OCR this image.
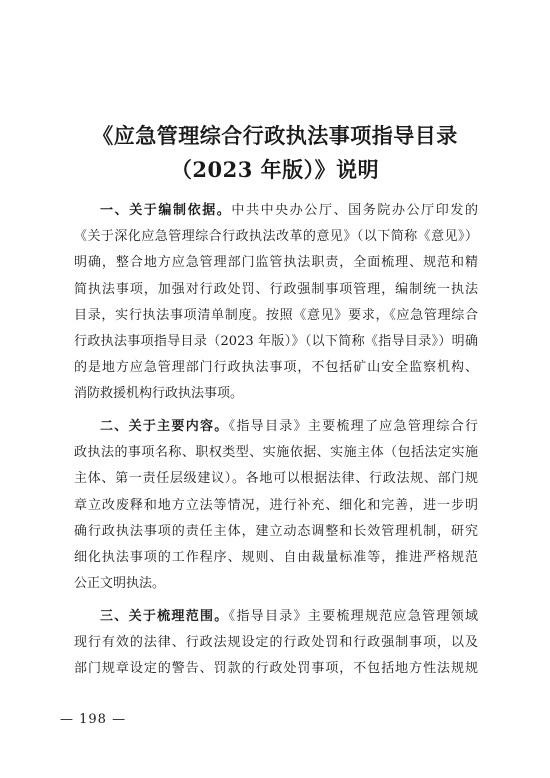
《应急管理综合行政执法事项指导目录
（2023 年版）》说明
一、关于编制依据。中共中央办公厅、国务院办公厅印发的
《关于深化应急管理综合行政执法改革的意见》（以下简称《意见》）
明确，整合地方应急管理部门监管执法职责，全面梳理、规范和精
简执法事项，加强对行政处罚、行政强制事项管理，编制统一执法
目录，实行执法事项清单制度。按照《意见》要求，《应急管理综合
行政执法事项指导目录（2023 年版）》（以下简称《指导目录》）明确
的是地方应急管理部门行政执法事项，不包括矿山安全监察机构、
消防救援机构行政执法事项。
二、关于主要内容。《指导目录》主要梳理了应急管理综合行
政执法的事项名称、职权类型、实施依据、实施主体（包括法定实施
主体、第一责任层级建议）。各地可以根据法律、行政法规、部门规
章立改废释和地方立法等情况，进行补充、细化和完善，进一步明
确行政执法事项的责任主体，建立动态调整和长效管理机制，研究
细化执法事项的工作程序、规则、自由裁量标准等，推进严格规范
公正文明执法。
三、关于梳理范围。《指导目录》主要梳理规范应急管理领域
现行有效的法律、行政法规设定的行政处罚和行政强制事项，以及
部门规章设定的警告、罚款的行政处罚事项，不包括地方性法规规
— 198 —
